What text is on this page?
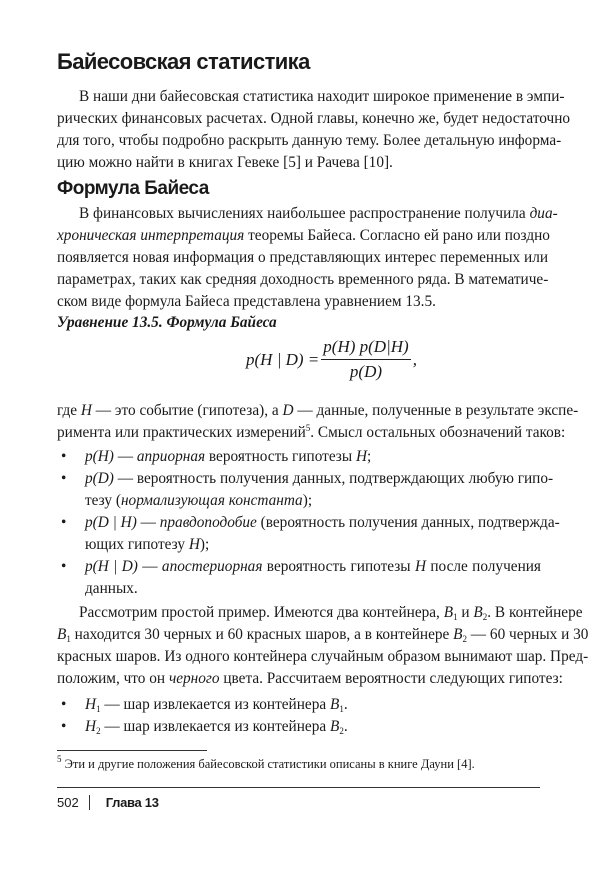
Байесовская статистика
В наши дни байесовская статистика находит широкое применение в эмпи-
рических финансовых расчетах. Одной главы, конечно же, будет недостаточно
для того, чтобы подробно раскрыть данную тему. Более детальную информа-
цию можно найти в книгах Гевеке [5] и Рачева [10].
Формула Байеса
В финансовых вычислениях наибольшее распространение получила диа-
хроническая интерпретация теоремы Байеса. Согласно ей рано или поздно
появляется новая информация о представляющих интерес переменных или
параметрах, таких как средняя доходность временного ряда. В математиче-
ском виде формула Байеса представлена уравнением 13.5.
Уравнение 13.5. Формула Байеса
p(H | $D) = \frac{p(H) p(D|H)}{p(D)}$ ,
где H — это событие (гипотеза), а D — данные, полученные в результате экспе-
римента или практических измерений$^5$. Смысл остальных обозначений таков:
• p(H) — априорная вероятность гипотезы H;
• p(D) — вероятность получения данных, подтверждающих любую гипо-
тезу (нормализующая константа);
• p(D | H) — правдоподобие (вероятность получения данных, подтвержда-
ющих гипотезу H);
• p(H | D) — апостериорная вероятность гипотезы H после получения
данных.
Рассмотрим простой пример. Имеются два контейнера, $B_1$ и $B_2$. В контейнере
$B_1$ находится 30 черных и 60 красных шаров, а в контейнере $B_2$ — 60 черных и 30
красных шаров. Из одного контейнера случайным образом вынимают шар. Пред-
положим, что он черного цвета. Рассчитаем вероятности следующих гипотез:
• $H_1$ — шар извлекается из контейнера $B_1$.
• $H_2$ — шар извлекается из контейнера $B_2$.
$^5$ Эти и другие положения байесовской статистики описаны в книге Дауни [4].
502 Глава 13
